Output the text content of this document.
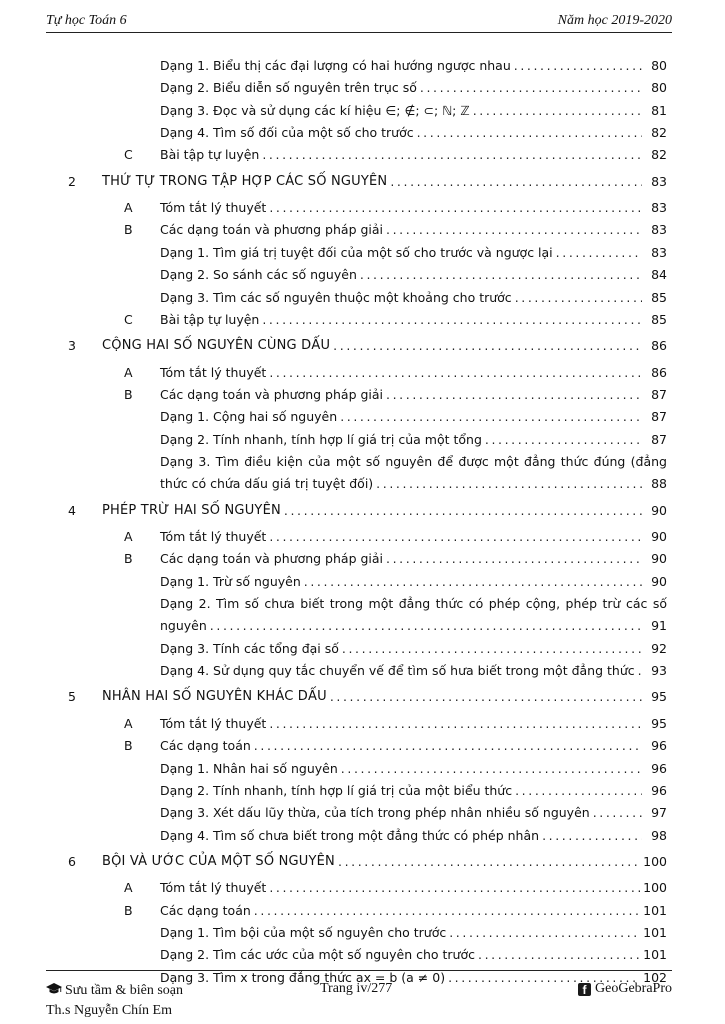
Tự học Toán 6	Năm học 2019-2020
Dạng 1. Biểu thị các đại lượng có hai hướng ngược nhau .....	80
Dạng 2. Biểu diễn số nguyên trên trục số .....	80
Dạng 3. Đọc và sử dụng các kí hiệu ∈; ∉; ⊂; ℕ; ℤ .....	81
Dạng 4. Tìm số đối của một số cho trước .....	82
C Bài tập tự luyện .....	82
2 THỨ TỰ TRONG TẬP HỢP CÁC SỐ NGUYÊN .....	83
A Tóm tắt lý thuyết .....	83
B Các dạng toán và phương pháp giải .....	83
Dạng 1. Tìm giá trị tuyệt đối của một số cho trước và ngược lại .....	83
Dạng 2. So sánh các số nguyên .....	84
Dạng 3. Tìm các số nguyên thuộc một khoảng cho trước .....	85
C Bài tập tự luyện .....	85
3 CỘNG HAI SỐ NGUYÊN CÙNG DẤU .....	86
A Tóm tắt lý thuyết .....	86
B Các dạng toán và phương pháp giải .....	87
Dạng 1. Cộng hai số nguyên .....	87
Dạng 2. Tính nhanh, tính hợp lí giá trị của một tổng .....	87
Dạng 3. Tìm điều kiện của một số nguyên để được một đẳng thức đúng (đẳng
thức có chứa dấu giá trị tuyệt đối) .....	88
4 PHÉP TRỪ HAI SỐ NGUYÊN .....	90
A Tóm tắt lý thuyết .....	90
B Các dạng toán và phương pháp giải .....	90
Dạng 1. Trừ số nguyên .....	90
Dạng 2. Tìm số chưa biết trong một đẳng thức có phép cộng, phép trừ các số
nguyên .....	91
Dạng 3. Tính các tổng đại số .....	92
Dạng 4. Sử dụng quy tắc chuyển vế để tìm số hưa biết trong một đẳng thức .....	93
5 NHÂN HAI SỐ NGUYÊN KHÁC DẤU .....	95
A Tóm tắt lý thuyết .....	95
B Các dạng toán .....	96
Dạng 1. Nhân hai số nguyên .....	96
Dạng 2. Tính nhanh, tính hợp lí giá trị của một biểu thức .....	96
Dạng 3. Xét dấu lũy thừa, của tích trong phép nhân nhiều số nguyên .....	97
Dạng 4. Tìm số chưa biết trong một đẳng thức có phép nhân .....	98
6 BỘI VÀ ƯỚC CỦA MỘT SỐ NGUYÊN .....	100
A Tóm tắt lý thuyết .....	100
B Các dạng toán .....	101
Dạng 1. Tìm bội của một số nguyên cho trước .....	101
Dạng 2. Tìm các ước của một số nguyên cho trước .....	101
Dạng 3. Tìm x trong đẳng thức ax = b (a ≠ 0) .....	102
Sưu tầm & biên soạn
Th.s Nguyễn Chín Em
Trang iv/277	f GeoGebraPro
